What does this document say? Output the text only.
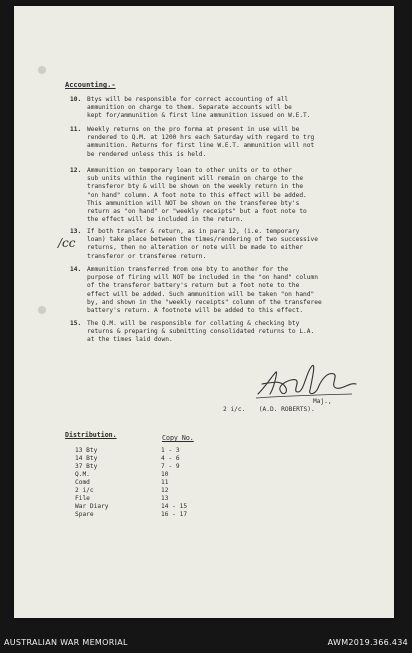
Accounting.-
10. Btys will be responsible for correct accounting of all
ammunition on charge to them. Separate accounts will be
kept for/ammunition & first line ammunition issued on W.E.T.
11. Weekly returns on the pro forma at present in use will be
rendered to Q.M. at 1200 hrs each Saturday with regard to trg
ammunition. Returns for first line W.E.T. ammunition will not
be rendered unless this is held.
12. Ammunition on temporary loan to other units or to other
sub units within the regiment will remain on charge to the
transferor bty & will be shown on the weekly return in the
"on hand" column. A foot note to this effect will be added.
This ammunition will NOT be shown on the transferee bty's
return as "on hand" or "weekly receipts" but a foot note to
the effect will be included in the return.
/cc
13. If both transfer & return, as in para 12, (i.e. temporary
loan) take place between the times/rendering of two successive
returns, then no alteration or note will be made to either
transferor or transferee return.
14. Ammunition transferred from one bty to another for the
purpose of firing will NOT be included in the "on hand" column
of the transferor battery's return but a foot note to the
effect will be added. Such ammunition will be taken "on hand"
by, and shown in the "weekly receipts" column of the transferee
battery's return. A footnote will be added to this effect.
15. The Q.M. will be responsible for collating & checking bty
returns & preparing & submitting consolidated returns to L.A.
at the times laid down.
Maj.,
2 i/c. (A.D. ROBERTS).
Distribution.	Copy No.
13 Bty	1 - 3
14 Bty	4 - 6
37 Bty	7 - 9
Q.M.	10
Comd	11
2 i/c	12
File	13
War Diary	14 - 15
Spare	16 - 17
AUSTRALIAN WAR MEMORIAL	AWM2019.366.434
